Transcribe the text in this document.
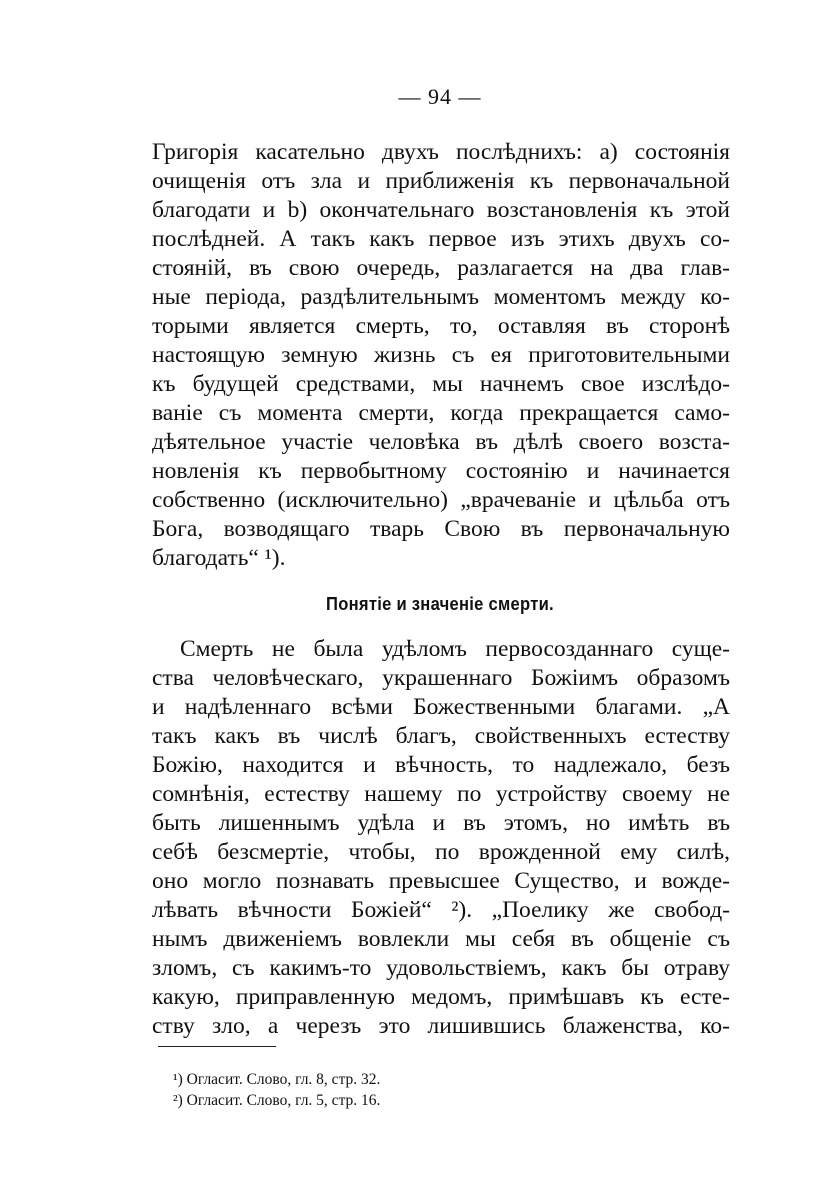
— 94 —
Григорія касательно двухъ послѣднихъ: a) состоянія
очищенія отъ зла и приближенія къ первоначальной
благодати и b) окончательнаго возстановленія къ этой
послѣдней. А такъ какъ первое изъ этихъ двухъ со-
стояній, въ свою очередь, разлагается на два глав-
ные періода, раздѣлительнымъ моментомъ между ко-
торыми является смерть, то, оставляя въ сторонѣ
настоящую земную жизнь съ ея приготовительными
къ будущей средствами, мы начнемъ свое изслѣдо-
ваніе съ момента смерти, когда прекращается само-
дѣятельное участіе человѣка въ дѣлѣ своего возста-
новленія къ первобытному состоянію и начинается
собственно (исключительно) „врачеваніе и цѣльба отъ
Бога, возводящаго тварь Свою въ первоначальную
благодать“ ¹).
Понятіе и значеніе смерти.
Смерть не была удѣломъ первосозданнаго суще-
ства человѣческаго, украшеннаго Божіимъ образомъ
и надѣленнаго всѣми Божественными благами. „А
такъ какъ въ числѣ благъ, свойственныхъ естеству
Божію, находится и вѣчность, то надлежало, безъ
сомнѣнія, естеству нашему по устройству своему не
быть лишеннымъ удѣла и въ этомъ, но имѣть въ
себѣ безсмертіе, чтобы, по врожденной ему силѣ,
оно могло познавать превысшее Существо, и вожде-
лѣвать вѣчности Божіей“ ²). „Поелику же свобод-
нымъ движеніемъ вовлекли мы себя въ общеніе съ
зломъ, съ какимъ-то удовольствіемъ, какъ бы отраву
какую, приправленную медомъ, примѣшавъ къ есте-
ству зло, а черезъ это лишившись блаженства, ко-
¹) Огласит. Слово, гл. 8, стр. 32.
²) Огласит. Слово, гл. 5, стр. 16.
